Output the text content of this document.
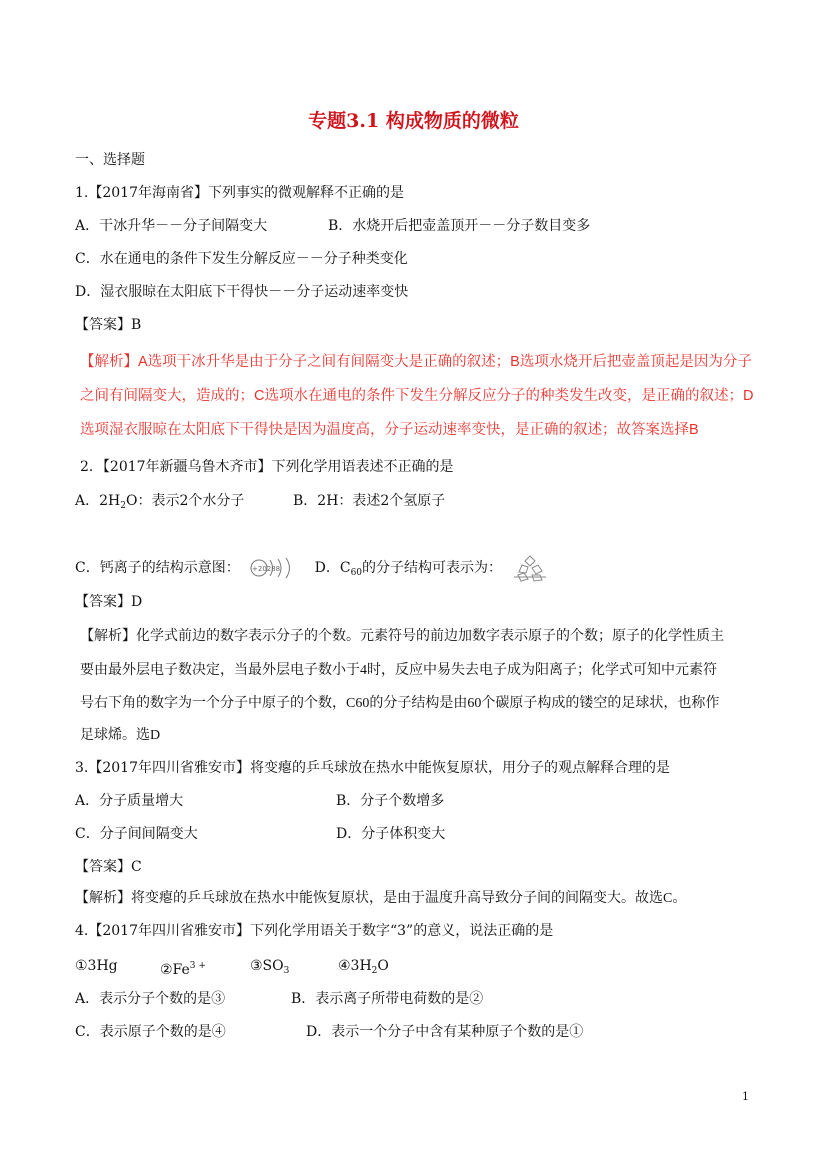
专题3.1 构成物质的微粒
一、选择题
1.【2017年海南省】下列事实的微观解释不正确的是
A．干冰升华－－分子间隔变大	B．水烧开后把壶盖顶开－－分子数目变多
C．水在通电的条件下发生分解反应－－分子种类变化
D．湿衣服晾在太阳底下干得快－－分子运动速率变快
【答案】B
【解析】A选项干冰升华是由于分子之间有间隔变大是正确的叙述；B选项水烧开后把壶盖顶起是因为分子
之间有间隔变大，造成的；C选项水在通电的条件下发生分解反应分子的种类发生改变，是正确的叙述；D
选项湿衣服晾在太阳底下干得快是因为温度高，分子运动速率变快，是正确的叙述；故答案选择B
2．【2017年新疆乌鲁木齐市】下列化学用语表述不正确的是
A．$2H_2O$：表示2个水分子	B．2H：表述2个氢原子
C．钙离子的结构示意图： +20288 D．$C_{60}$的分子结构可表示为：
【答案】D
【解析】化学式前边的数字表示分子的个数。元素符号的前边加数字表示原子的个数；原子的化学性质主
要由最外层电子数决定，当最外层电子数小于4时，反应中易失去电子成为阳离子；化学式可知中元素符
号右下角的数字为一个分子中原子的个数，C60的分子结构是由60个碳原子构成的镂空的足球状，也称作
足球烯。选D
3.【2017年四川省雅安市】将变瘪的乒乓球放在热水中能恢复原状，用分子的观点解释合理的是
A．分子质量增大	B．分子个数增多
C．分子间间隔变大	D．分子体积变大
【答案】C
【解析】将变瘪的乒乓球放在热水中能恢复原状，是由于温度升高导致分子间的间隔变大。故选C。
4.【2017年四川省雅安市】下列化学用语关于数字“3”的意义，说法正确的是
①3Hg	$②Fe^{3 +}$	$③SO_3$	$④3H_2O$
A．表示分子个数的是③	B．表示离子所带电荷数的是②
C．表示原子个数的是④	D．表示一个分子中含有某种原子个数的是①
1
